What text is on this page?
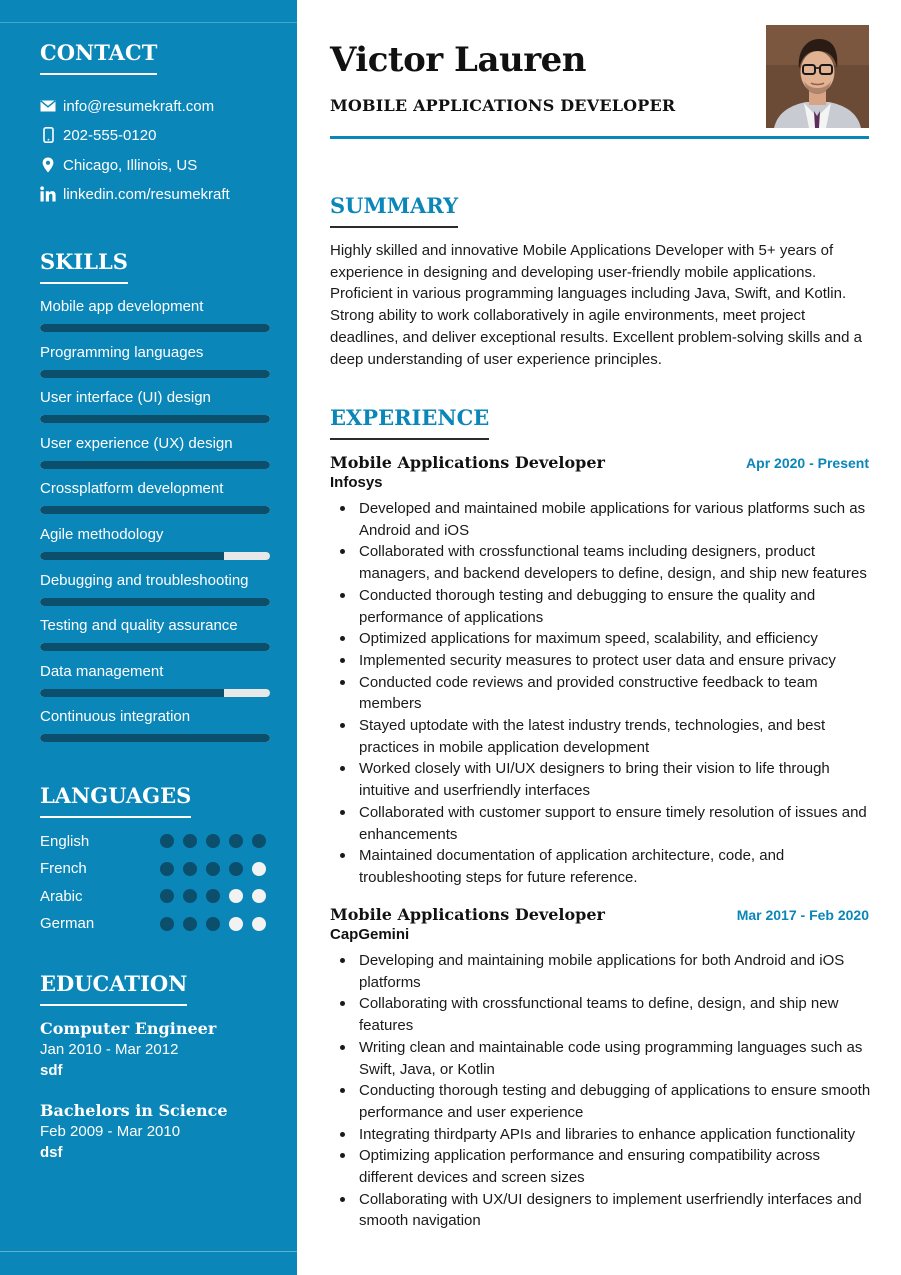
CONTACT
info@resumekraft.com
202-555-0120
Chicago, Illinois, US
linkedin.com/resumekraft
SKILLS
Mobile app development
Programming languages
User interface (UI) design
User experience (UX) design
Crossplatform development
Agile methodology
Debugging and troubleshooting
Testing and quality assurance
Data management
Continuous integration
LANGUAGES
English
French
Arabic
German
EDUCATION
Computer Engineer
Jan 2010 - Mar 2012
sdf
Bachelors in Science
Feb 2009 - Mar 2010
dsf
Victor Lauren
MOBILE APPLICATIONS DEVELOPER
SUMMARY

Highly skilled and innovative Mobile Applications Developer with 5+ years of experience in designing and developing user-friendly mobile applications. Proficient in various programming languages including Java, Swift, and Kotlin. Strong ability to work collaboratively in agile environments, meet project deadlines, and deliver exceptional results. Excellent problem-solving skills and a deep understanding of user experience principles.

EXPERIENCE
Mobile Applications Developer	Apr 2020 - Present
Infosys
Developed and maintained mobile applications for various platforms such as Android and iOS
Collaborated with crossfunctional teams including designers, product managers, and backend developers to define, design, and ship new features
Conducted thorough testing and debugging to ensure the quality and performance of applications
Optimized applications for maximum speed, scalability, and efficiency
Implemented security measures to protect user data and ensure privacy
Conducted code reviews and provided constructive feedback to team members
Stayed uptodate with the latest industry trends, technologies, and best practices in mobile application development
Worked closely with UI/UX designers to bring their vision to life through intuitive and userfriendly interfaces
Collaborated with customer support to ensure timely resolution of issues and enhancements
Maintained documentation of application architecture, code, and troubleshooting steps for future reference.
Mobile Applications Developer	Mar 2017 - Feb 2020
CapGemini
Developing and maintaining mobile applications for both Android and iOS platforms
Collaborating with crossfunctional teams to define, design, and ship new features
Writing clean and maintainable code using programming languages such as Swift, Java, or Kotlin
Conducting thorough testing and debugging of applications to ensure smooth performance and user experience
Integrating thirdparty APIs and libraries to enhance application functionality
Optimizing application performance and ensuring compatibility across different devices and screen sizes
Collaborating with UX/UI designers to implement userfriendly interfaces and smooth navigation
